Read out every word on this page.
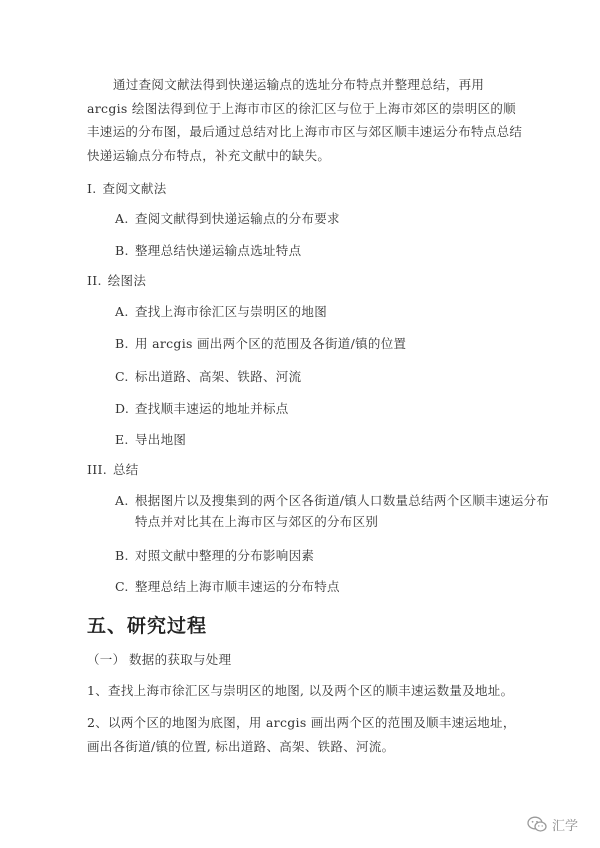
通过查阅文献法得到快递运输点的选址分布特点并整理总结，再用 arcgis 绘图法得到位于上海市市区的徐汇区与位于上海市郊区的崇明区的顺丰速运的分布图，最后通过总结对比上海市市区与郊区顺丰速运分布特点总结快递运输点分布特点，补充文献中的缺失。

I. 查阅文献法

A. 查阅文献得到快递运输点的分布要求

B. 整理总结快递运输点选址特点

II. 绘图法

A. 查找上海市徐汇区与崇明区的地图

B. 用 arcgis 画出两个区的范围及各街道/镇的位置

C. 标出道路、高架、铁路、河流

D. 查找顺丰速运的地址并标点

E. 导出地图

III. 总结

A. 根据图片以及搜集到的两个区各街道/镇人口数量总结两个区顺丰速运分布特点并对比其在上海市区与郊区的分布区别

B. 对照文献中整理的分布影响因素

C. 整理总结上海市顺丰速运的分布特点

五、研究过程

（一） 数据的获取与处理

1、查找上海市徐汇区与崇明区的地图, 以及两个区的顺丰速运数量及地址。

2、以两个区的地图为底图，用 arcgis 画出两个区的范围及顺丰速运地址，画出各街道/镇的位置, 标出道路、高架、铁路、河流。

汇学
